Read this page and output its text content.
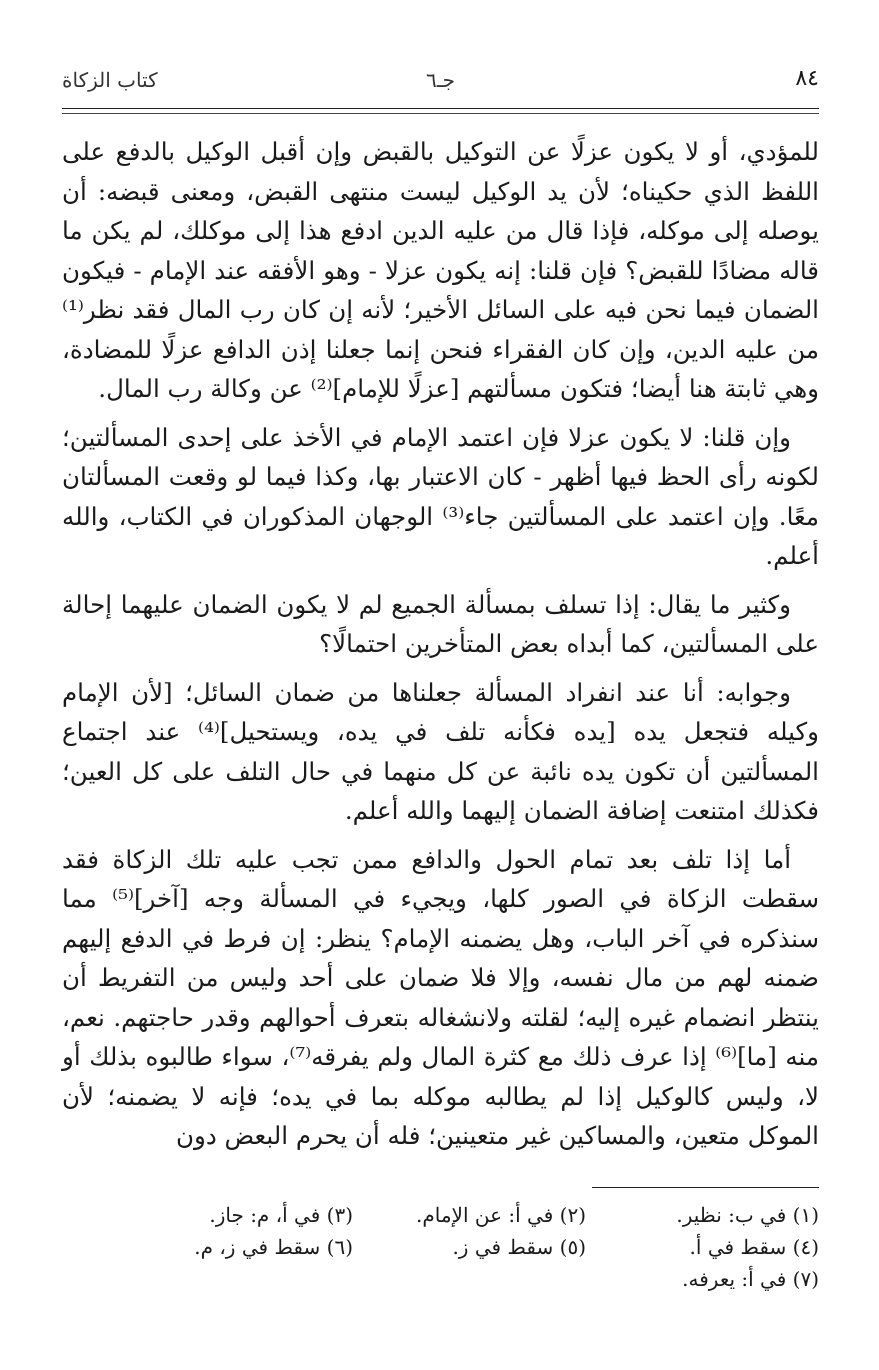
٨٤
جـ٦
كتاب الزكاة

للمؤدي، أو لا يكون عزلًا عن التوكيل بالقبض وإن أقبل الوكيل بالدفع على اللفظ الذي حكيناه؛ لأن يد الوكيل ليست منتهى القبض، ومعنى قبضه: أن يوصله إلى موكله، فإذا قال من عليه الدين ادفع هذا إلى موكلك، لم يكن ما قاله مضادًا للقبض؟ فإن قلنا: إنه يكون عزلا - وهو الأفقه عند الإمام - فيكون الضمان فيما نحن فيه على السائل الأخير؛ لأنه إن كان رب المال فقد نظر⁽¹⁾ من عليه الدين، وإن كان الفقراء فنحن إنما جعلنا إذن الدافع عزلًا للمضادة، وهي ثابتة هنا أيضا؛ فتكون مسألتهم [عزلًا للإمام]⁽²⁾ عن وكالة رب المال.

وإن قلنا: لا يكون عزلا فإن اعتمد الإمام في الأخذ على إحدى المسألتين؛ لكونه رأى الحظ فيها أظهر - كان الاعتبار بها، وكذا فيما لو وقعت المسألتان معًا. وإن اعتمد على المسألتين جاء⁽³⁾ الوجهان المذكوران في الكتاب، والله أعلم.

وكثير ما يقال: إذا تسلف بمسألة الجميع لم لا يكون الضمان عليهما إحالة على المسألتين، كما أبداه بعض المتأخرين احتمالًا؟

وجوابه: أنا عند انفراد المسألة جعلناها من ضمان السائل؛ [لأن الإمام وكيله فتجعل يده [يده فكأنه تلف في يده، ويستحيل]⁽⁴⁾ عند اجتماع المسألتين أن تكون يده نائبة عن كل منهما في حال التلف على كل العين؛ فكذلك امتنعت إضافة الضمان إليهما والله أعلم.

أما إذا تلف بعد تمام الحول والدافع ممن تجب عليه تلك الزكاة فقد سقطت الزكاة في الصور كلها، ويجيء في المسألة وجه [آخر]⁽⁵⁾ مما سنذكره في آخر الباب، وهل يضمنه الإمام؟ ينظر: إن فرط في الدفع إليهم ضمنه لهم من مال نفسه، وإلا فلا ضمان على أحد وليس من التفريط أن ينتظر انضمام غيره إليه؛ لقلته ولانشغاله بتعرف أحوالهم وقدر حاجتهم. نعم، منه [ما]⁽⁶⁾ إذا عرف ذلك مع كثرة المال ولم يفرقه⁽⁷⁾، سواء طالبوه بذلك أو لا، وليس كالوكيل إذا لم يطالبه موكله بما في يده؛ فإنه لا يضمنه؛ لأن الموكل متعين، والمساكين غير متعينين؛ فله أن يحرم البعض دون

(١) في ب: نظير.
(٢) في أ: عن الإمام.
(٣) في أ، م: جاز.
(٤) سقط في أ.
(٥) سقط في ز.
(٦) سقط في ز، م.
(٧) في أ: يعرفه.
